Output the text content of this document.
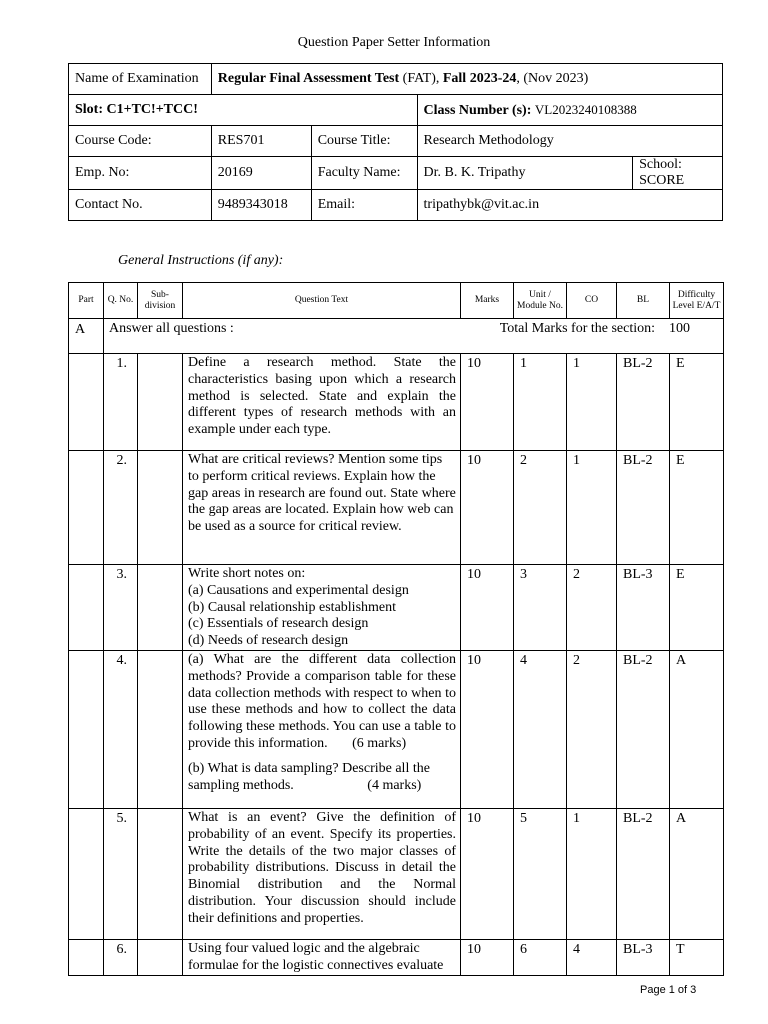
Question Paper Setter Information
Name of Examination	Regular Final Assessment Test (FAT), Fall 2023-24, (Nov 2023)			
Slot: C1+TC!+TCC!			Class Number (s): VL2023240108388	
Course Code:	RES701	Course Title:	Research Methodology	
Emp. No:	20169	Faculty Name:	Dr. B. K. Tripathy	School: SCORE
Contact No.	9489343018	Email:	tripathybk@vit.ac.in	
General Instructions (if any):
Part	Q. No.	Sub-division	Question Text	Marks	Unit / Module No.	CO	BL	Difficulty Level E/A/T
A	Answer all questions : Total Marks for the section: 100							

	1.		Define a research method. State the characteristics basing upon which a research method is selected. State and explain the different types of research methods with an example under each type.	10	1	1	BL-2	E
	2.		What are critical reviews? Mention some tips to perform critical reviews. Explain how the gap areas in research are found out. State where the gap areas are located. Explain how web can be used as a source for critical review.	10	2	1	BL-2	E
	3.		Write short notes on:

(a) Causations and experimental design

(b) Causal relationship establishment

(c) Essentials of research design

(d) Needs of research design	10	3	2	BL-3	E
	4.		(a) What are the different data collection methods? Provide a comparison table for these data collection methods with respect to when to use these methods and how to collect the data following these methods. You can use a table to provide this information. (6 marks)

(b) What is data sampling? Describe all the sampling methods. (4 marks)	10	4	2	BL-2	A
	5.		What is an event? Give the definition of probability of an event. Specify its properties. Write the details of the two major classes of probability distributions. Discuss in detail the Binomial distribution and the Normal distribution. Your discussion should include their definitions and properties.	10	5	1	BL-2	A
	6.		Using four valued logic and the algebraic

formulae for the logistic connectives evaluate	10	6	4	BL-3	T
Page 1 of 3
